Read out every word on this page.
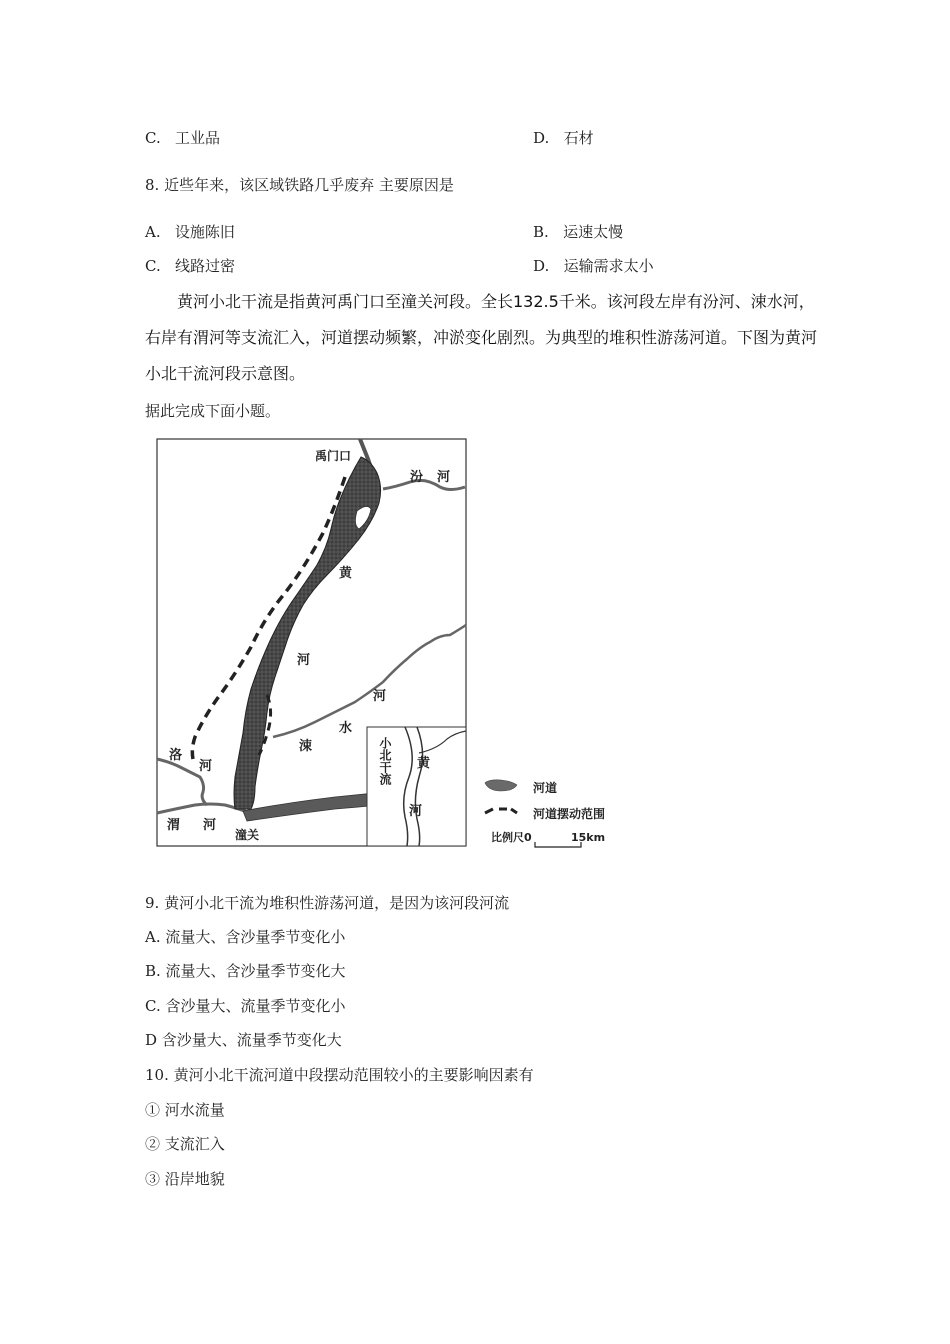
C. 工业品	D. 石材
8. 近些年来，该区域铁路几乎废弃 主要原因是
A. 设施陈旧	B. 运速太慢
C. 线路过密	D. 运输需求太小
黄河小北干流是指黄河禹门口至潼关河段。全长132.5千米。该河段左岸有汾河、涑水河，右岸有渭河等支流汇入，河道摆动频繁，冲淤变化剧烈。为典型的堆积性游荡河道。下图为黄河小北干流河段示意图。
据此完成下面小题。
禹门口
汾 河
黄
河
河
水
涑
洛
河
渭 河
潼关
小北干流 黄
河
河道
河道摆动范围
比例尺0	15km
9. 黄河小北干流为堆积性游荡河道，是因为该河段河流
A. 流量大、含沙量季节变化小
B. 流量大、含沙量季节变化大
C. 含沙量大、流量季节变化小
D 含沙量大、流量季节变化大
10. 黄河小北干流河道中段摆动范围较小的主要影响因素有
① 河水流量
② 支流汇入
③ 沿岸地貌
